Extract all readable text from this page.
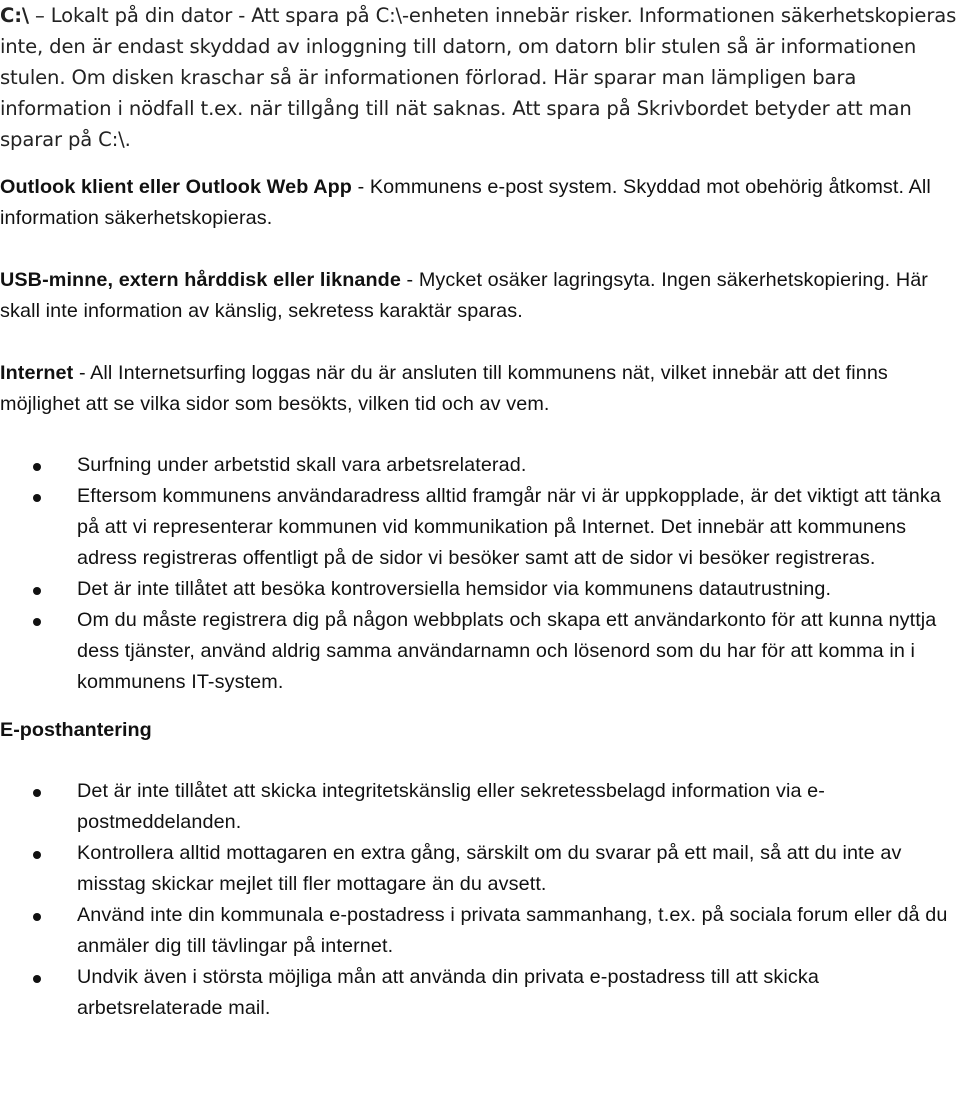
C:\ – Lokalt på din dator - Att spara på C:\-enheten innebär risker. Informationen säkerhetskopieras inte, den är endast skyddad av inloggning till datorn, om datorn blir stulen så är informationen stulen. Om disken kraschar så är informationen förlorad. Här sparar man lämpligen bara information i nödfall t.ex. när tillgång till nät saknas. Att spara på Skrivbordet betyder att man sparar på C:\.

Outlook klient eller Outlook Web App - Kommunens e-post system. Skyddad mot obehörig åtkomst. All information säkerhetskopieras.

USB-minne, extern hårddisk eller liknande - Mycket osäker lagringsyta. Ingen säkerhetskopiering. Här skall inte information av känslig, sekretess karaktär sparas.

Internet - All Internetsurfing loggas när du är ansluten till kommunens nät, vilket innebär att det finns möjlighet att se vilka sidor som besökts, vilken tid och av vem.

Surfning under arbetstid skall vara arbetsrelaterad.
Eftersom kommunens användaradress alltid framgår när vi är uppkopplade, är det viktigt att tänka på att vi representerar kommunen vid kommunikation på Internet. Det innebär att kommunens adress registreras offentligt på de sidor vi besöker samt att de sidor vi besöker registreras.
Det är inte tillåtet att besöka kontroversiella hemsidor via kommunens datautrustning.
Om du måste registrera dig på någon webbplats och skapa ett användarkonto för att kunna nyttja dess tjänster, använd aldrig samma användarnamn och lösenord som du har för att komma in i kommunens IT-system.
E-posthantering
Det är inte tillåtet att skicka integritetskänslig eller sekretessbelagd information via e-postmeddelanden.
Kontrollera alltid mottagaren en extra gång, särskilt om du svarar på ett mail, så att du inte av misstag skickar mejlet till fler mottagare än du avsett.
Använd inte din kommunala e-postadress i privata sammanhang, t.ex. på sociala forum eller då du anmäler dig till tävlingar på internet.
Undvik även i största möjliga mån att använda din privata e-postadress till att skicka arbetsrelaterade mail.
